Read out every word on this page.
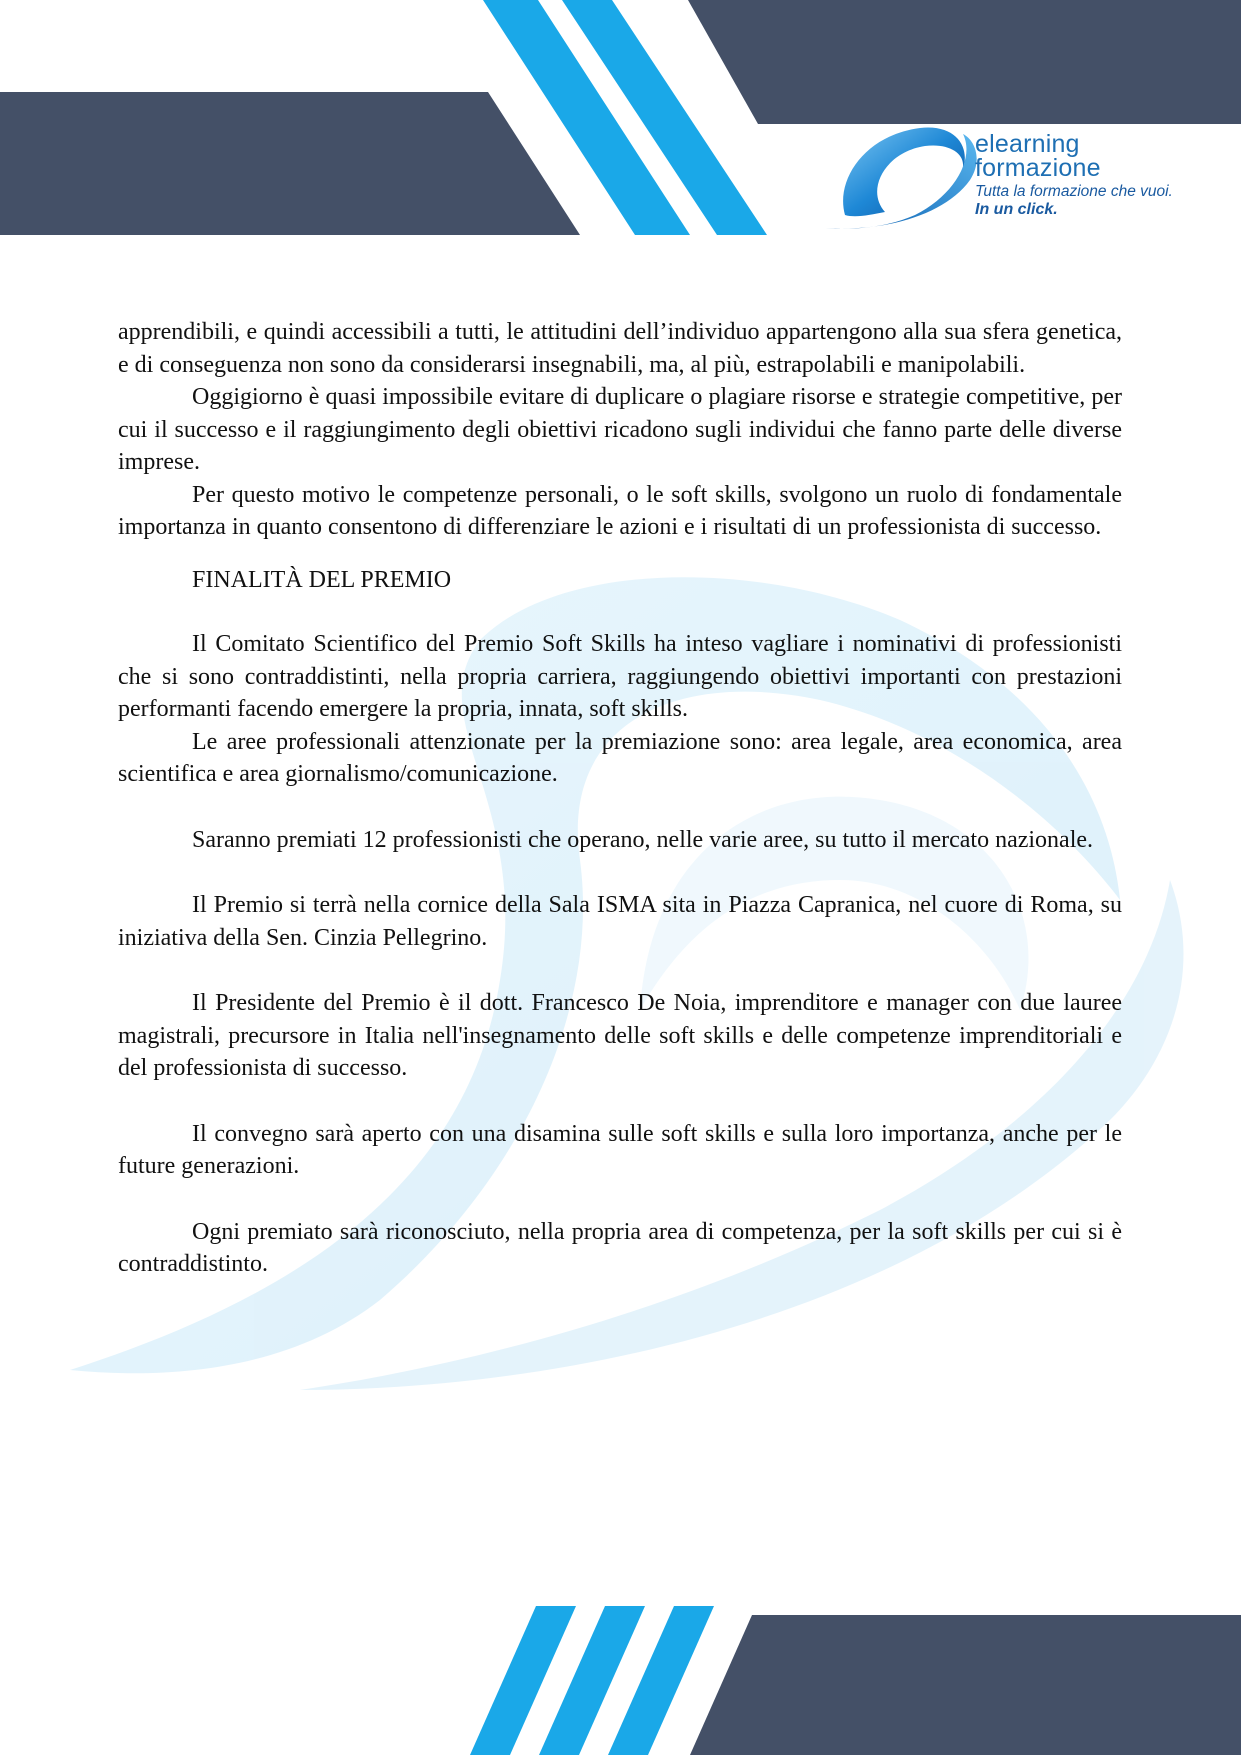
elearning
formazione
Tutta la formazione che vuoi.
In un click.

apprendibili, e quindi accessibili a tutti, le attitudini dell’individuo appartengono alla sua sfera genetica, e di conseguenza non sono da considerarsi insegnabili, ma, al più, estrapolabili e manipolabili.

Oggigiorno è quasi impossibile evitare di duplicare o plagiare risorse e strategie competitive, per cui il successo e il raggiungimento degli obiettivi ricadono sugli individui che fanno parte delle diverse imprese.

Per questo motivo le competenze personali, o le soft skills, svolgono un ruolo di fondamentale importanza in quanto consentono di differenziare le azioni e i risultati di un professionista di successo.

FINALITÀ DEL PREMIO

Il Comitato Scientifico del Premio Soft Skills ha inteso vagliare i nominativi di professionisti che si sono contraddistinti, nella propria carriera, raggiungendo obiettivi importanti con prestazioni performanti facendo emergere la propria, innata, soft skills.

Le aree professionali attenzionate per la premiazione sono: area legale, area economica, area scientifica e area giornalismo/comunicazione.

Saranno premiati 12 professionisti che operano, nelle varie aree, su tutto il mercato nazionale.

Il Premio si terrà nella cornice della Sala ISMA sita in Piazza Capranica, nel cuore di Roma, su iniziativa della Sen. Cinzia Pellegrino.

Il Presidente del Premio è il dott. Francesco De Noia, imprenditore e manager con due lauree magistrali, precursore in Italia nell'insegnamento delle soft skills e delle competenze imprenditoriali e del professionista di successo.

Il convegno sarà aperto con una disamina sulle soft skills e sulla loro importanza, anche per le future generazioni.

Ogni premiato sarà riconosciuto, nella propria area di competenza, per la soft skills per cui si è contraddistinto.
